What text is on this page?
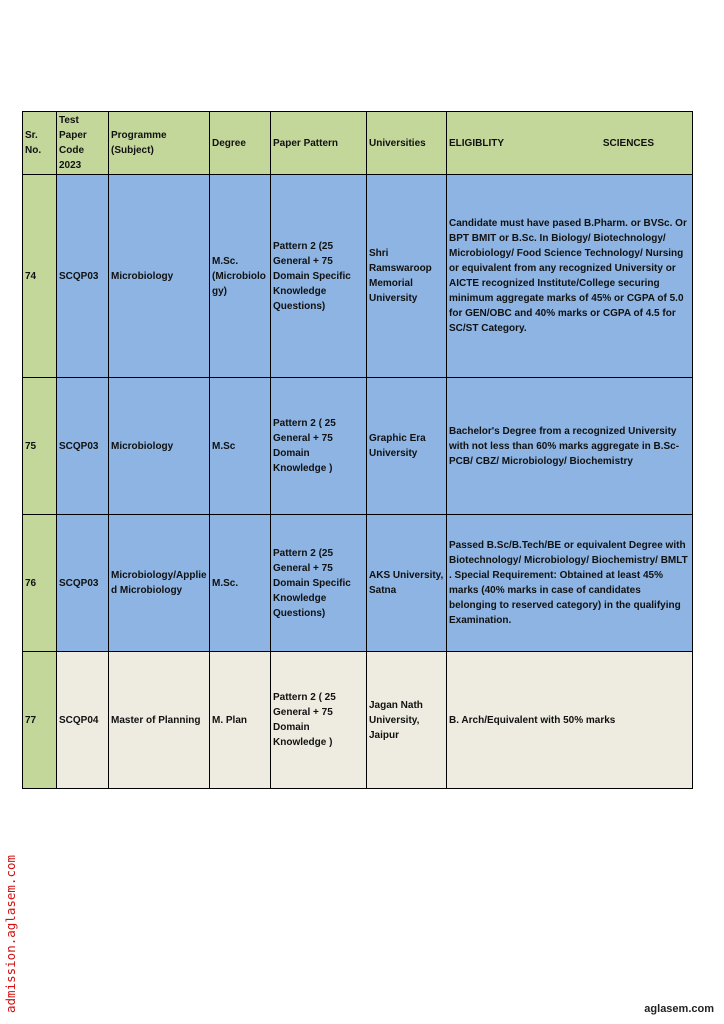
Sr. No.	Test Paper Code 2023	Programme (Subject)	Degree	Paper Pattern	Universities	ELIGIBLITY SCIENCES

74	SCQP03	Microbiology	M.Sc. (Microbiology)	Pattern 2 (25 General + 75 Domain Specific Knowledge Questions)	Shri Ramswaroop Memorial University	Candidate must have pased B.Pharm. or BVSc. Or BPT BMIT or B.Sc. In Biology/ Biotechnology/ Microbiology/ Food Science Technology/ Nursing or equivalent from any recognized University or AICTE recognized Institute/College securing minimum aggregate marks of 45% or CGPA of 5.0 for GEN/OBC and 40% marks or CGPA of 4.5 for SC/ST Category.
75	SCQP03	Microbiology	M.Sc	Pattern 2 ( 25 General + 75 Domain Knowledge )	Graphic Era University	Bachelor's Degree from a recognized University with not less than 60% marks aggregate in B.Sc-PCB/ CBZ/ Microbiology/ Biochemistry
76	SCQP03	Microbiology/Applied Microbiology	M.Sc.	Pattern 2 (25 General + 75 Domain Specific Knowledge Questions)	AKS University, Satna	Passed B.Sc/B.Tech/BE or equivalent Degree with Biotechnology/ Microbiology/ Biochemistry/ BMLT . Special Requirement: Obtained at least 45% marks (40% marks in case of candidates belonging to reserved category) in the qualifying Examination.
77	SCQP04	Master of Planning	M. Plan	Pattern 2 ( 25 General + 75 Domain Knowledge )	Jagan Nath University, Jaipur	B. Arch/Equivalent with 50% marks
admission.aglasem.com	aglasem.com
